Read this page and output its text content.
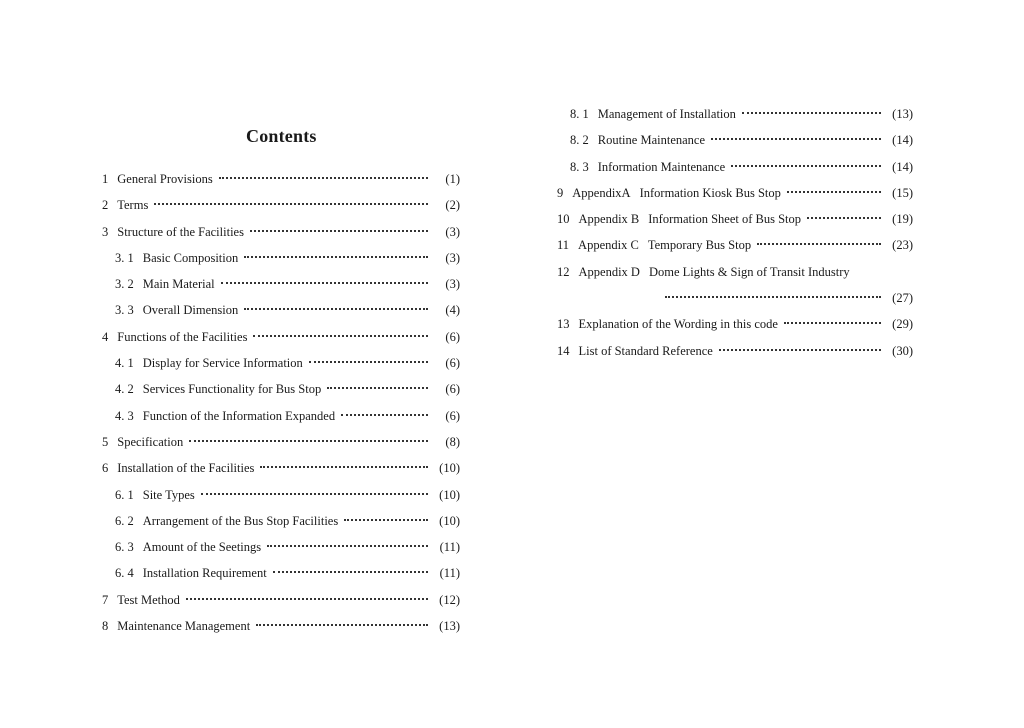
Contents
1 General Provisions	(1)
2 Terms	(2)
3 Structure of the Facilities	(3)
3. 1 Basic Composition	(3)
3. 2 Main Material	(3)
3. 3 Overall Dimension	(4)
4 Functions of the Facilities	(6)
4. 1 Display for Service Information	(6)
4. 2 Services Functionality for Bus Stop	(6)
4. 3 Function of the Information Expanded	(6)
5 Specification	(8)
6 Installation of the Facilities	(10)
6. 1 Site Types	(10)
6. 2 Arrangement of the Bus Stop Facilities	(10)
6. 3 Amount of the Seetings	(11)
6. 4 Installation Requirement	(11)
7 Test Method	(12)
8 Maintenance Management	(13)
8. 1 Management of Installation	(13)
8. 2 Routine Maintenance	(14)
8. 3 Information Maintenance	(14)
9 AppendixA Information Kiosk Bus Stop	(15)
10 Appendix B Information Sheet of Bus Stop	(19)
11 Appendix C Temporary Bus Stop	(23)
12 Appendix D Dome Lights & Sign of Transit Industry
(27)
13 Explanation of the Wording in this code	(29)
14 List of Standard Reference	(30)
